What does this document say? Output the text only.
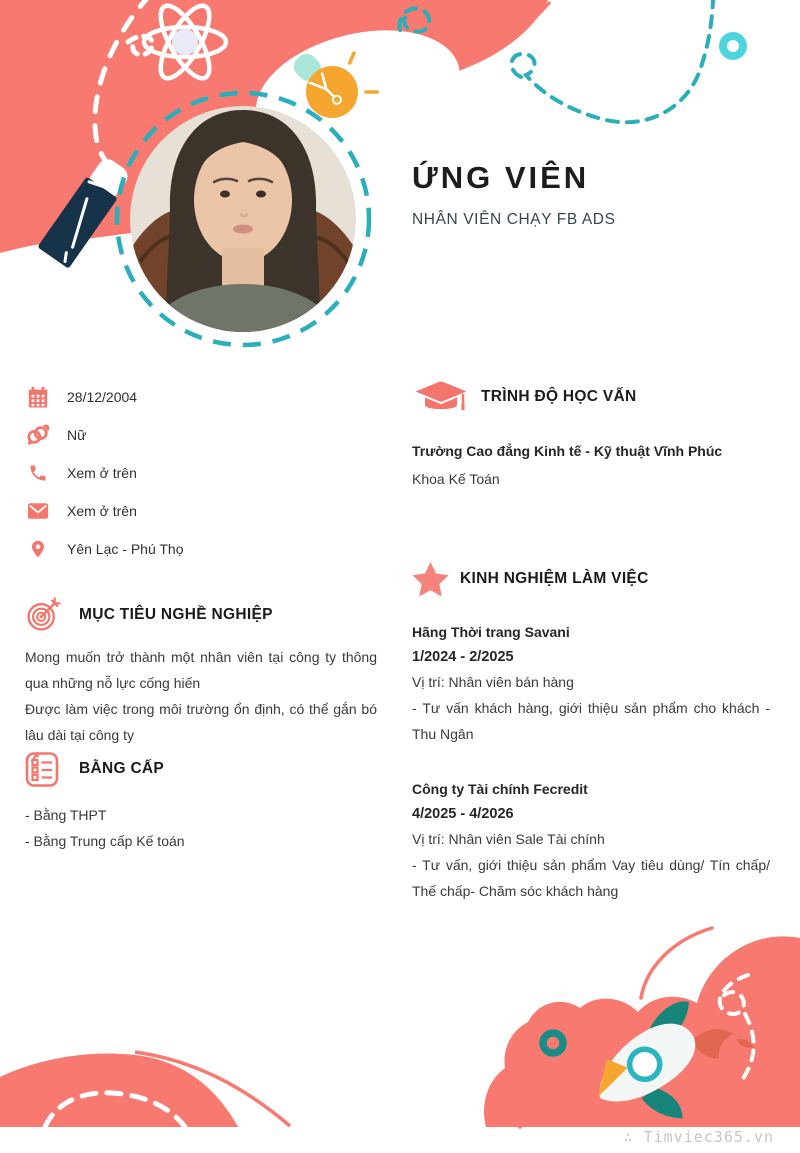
ỨNG VIÊN
NHÂN VIÊN CHẠY FB ADS
28/12/2004
Nữ
Xem ở trên
Xem ở trên
Yên Lạc - Phú Thọ
MỤC TIÊU NGHỀ NGHIỆP
Mong muốn trở thành một nhân viên tại công ty thông qua những nỗ lực cống hiến
Được làm việc trong môi trường ổn định, có thể gắn bó lâu dài tại công ty
BẰNG CẤP
- Bằng THPT
- Bằng Trung cấp Kế toán
TRÌNH ĐỘ HỌC VẤN
Trường Cao đẳng Kinh tế - Kỹ thuật Vĩnh Phúc
Khoa Kế Toán
KINH NGHIỆM LÀM VIỆC
Hãng Thời trang Savani
1/2024 - 2/2025
Vị trí: Nhân viên bán hàng
- Tư vấn khách hàng, giới thiệu sản phẩm cho khách - Thu Ngân
Công ty Tài chính Fecredit
4/2025 - 4/2026
Vị trí: Nhân viên Sale Tài chính
- Tư vấn, giới thiệu sản phẩm Vay tiêu dùng/ Tín chấp/ Thế chấp- Chăm sóc khách hàng
∴ Timviec365.vn
